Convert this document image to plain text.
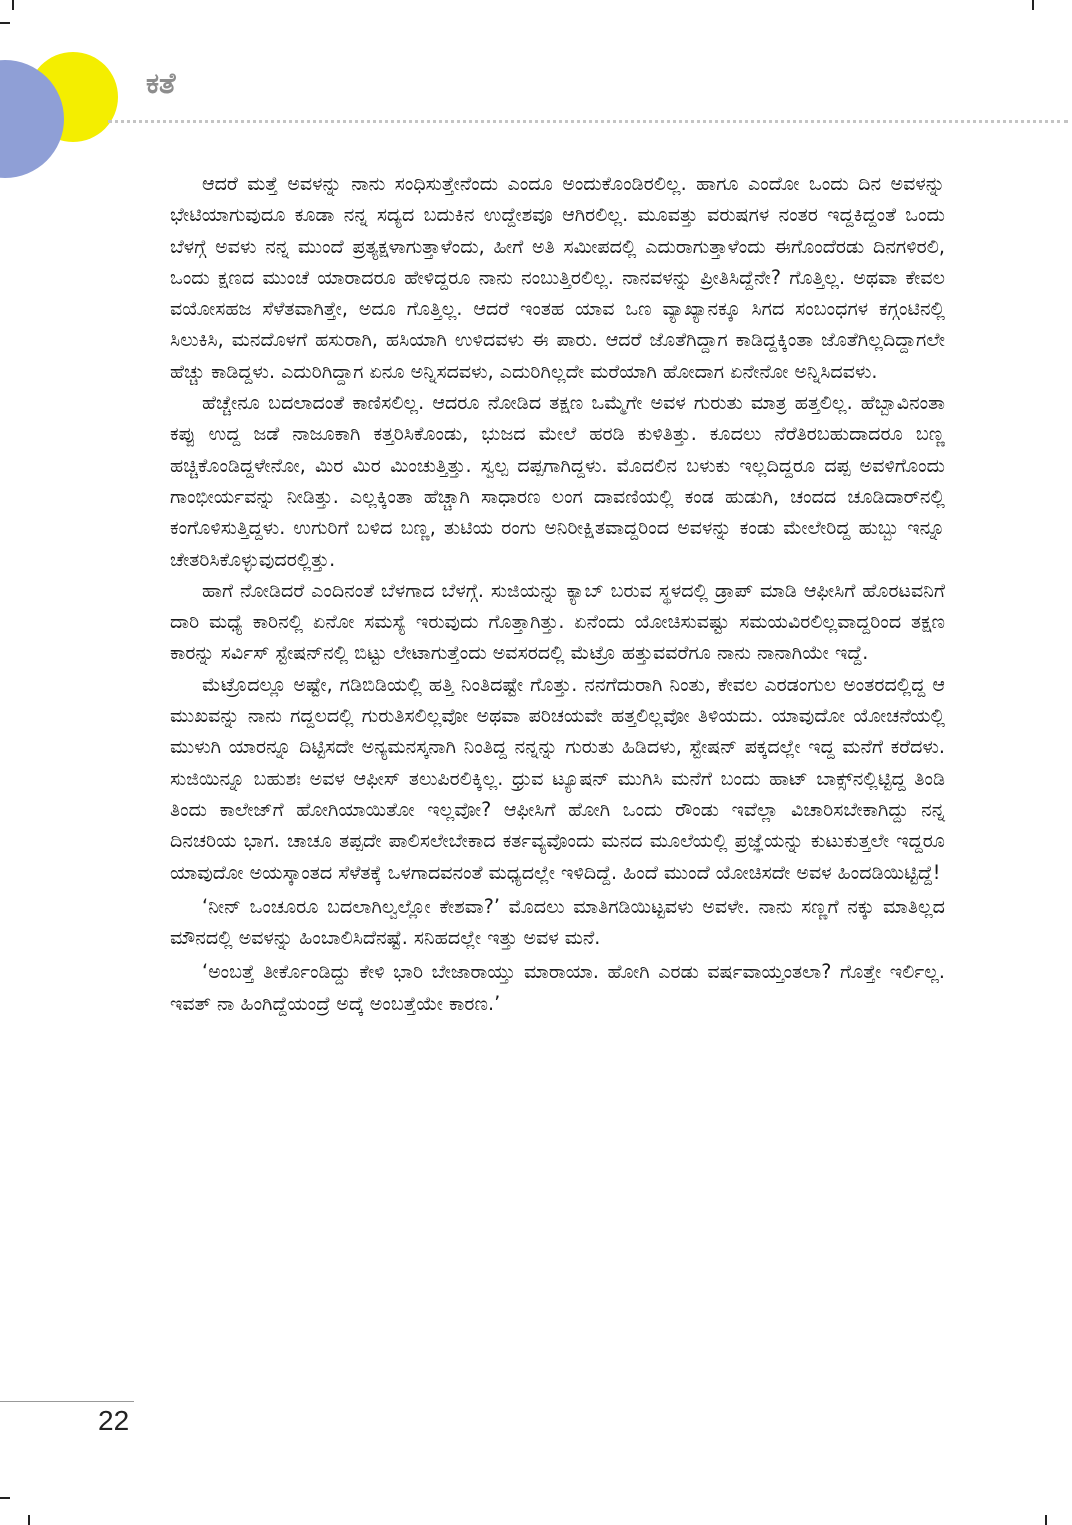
ಕತೆ

ಆದರೆ ಮತ್ತೆ ಅವಳನ್ನು ನಾನು ಸಂಧಿಸುತ್ತೇನೆಂದು ಎಂದೂ ಅಂದುಕೊಂಡಿರಲಿಲ್ಲ. ಹಾಗೂ ಎಂದೋ ಒಂದು ದಿನ ಅವಳನ್ನು ಭೇಟಿಯಾಗುವುದೂ ಕೂಡಾ ನನ್ನ ಸದ್ಯದ ಬದುಕಿನ ಉದ್ದೇಶವೂ ಆಗಿರಲಿಲ್ಲ. ಮೂವತ್ತು ವರುಷಗಳ ನಂತರ ಇದ್ದಕಿದ್ದಂತೆ ಒಂದು ಬೆಳಗ್ಗೆ ಅವಳು ನನ್ನ ಮುಂದೆ ಪ್ರತ್ಯಕ್ಷಳಾಗುತ್ತಾಳೆಂದು, ಹೀಗೆ ಅತಿ ಸಮೀಪದಲ್ಲಿ ಎದುರಾಗುತ್ತಾಳೆಂದು ಈಗೊಂದೆರಡು ದಿನಗಳಿರಲಿ, ಒಂದು ಕ್ಷಣದ ಮುಂಚೆ ಯಾರಾದರೂ ಹೇಳಿದ್ದರೂ ನಾನು ನಂಬುತ್ತಿರಲಿಲ್ಲ. ನಾನವಳನ್ನು ಪ್ರೀತಿಸಿದ್ದೆನೇ? ಗೊತ್ತಿಲ್ಲ. ಅಥವಾ ಕೇವಲ ವಯೋಸಹಜ ಸೆಳೆತವಾಗಿತ್ತೇ, ಅದೂ ಗೊತ್ತಿಲ್ಲ. ಆದರೆ ಇಂತಹ ಯಾವ ಒಣ ವ್ಯಾಖ್ಯಾನಕ್ಕೂ ಸಿಗದ ಸಂಬಂಧಗಳ ಕಗ್ಗಂಟಿನಲ್ಲಿ ಸಿಲುಕಿಸಿ, ಮನದೊಳಗೆ ಹಸುರಾಗಿ, ಹಸಿಯಾಗಿ ಉಳಿದವಳು ಈ ಪಾರು. ಆದರೆ ಜೊತೆಗಿದ್ದಾಗ ಕಾಡಿದ್ದಕ್ಕಿಂತಾ ಜೊತೆಗಿಲ್ಲದಿದ್ದಾಗಲೇ ಹೆಚ್ಚು ಕಾಡಿದ್ದಳು. ಎದುರಿಗಿದ್ದಾಗ ಏನೂ ಅನ್ನಿಸದವಳು, ಎದುರಿಗಿಲ್ಲದೇ ಮರೆಯಾಗಿ ಹೋದಾಗ ಏನೇನೋ ಅನ್ನಿಸಿದವಳು.

ಹೆಚ್ಚೇನೂ ಬದಲಾದಂತೆ ಕಾಣಿಸಲಿಲ್ಲ. ಆದರೂ ನೋಡಿದ ತಕ್ಷಣ ಒಮ್ಮೆಗೇ ಅವಳ ಗುರುತು ಮಾತ್ರ ಹತ್ತಲಿಲ್ಲ. ಹೆಬ್ಬಾವಿನಂತಾ ಕಪ್ಪು ಉದ್ದ ಜಡೆ ನಾಜೂಕಾಗಿ ಕತ್ತರಿಸಿಕೊಂಡು, ಭುಜದ ಮೇಲೆ ಹರಡಿ ಕುಳಿತಿತ್ತು. ಕೂದಲು ನೆರೆತಿರಬಹುದಾದರೂ ಬಣ್ಣ ಹಚ್ಚಿಕೊಂಡಿದ್ದಳೇನೋ, ಮಿರ ಮಿರ ಮಿಂಚುತ್ತಿತ್ತು. ಸ್ವಲ್ಪ ದಪ್ಪಗಾಗಿದ್ದಳು. ಮೊದಲಿನ ಬಳುಕು ಇಲ್ಲದಿದ್ದರೂ ದಪ್ಪ ಅವಳಿಗೊಂದು ಗಾಂಭೀರ್ಯವನ್ನು ನೀಡಿತ್ತು. ಎಲ್ಲಕ್ಕಿಂತಾ ಹೆಚ್ಚಾಗಿ ಸಾಧಾರಣ ಲಂಗ ದಾವಣಿಯಲ್ಲಿ ಕಂಡ ಹುಡುಗಿ, ಚಂದದ ಚೂಡಿದಾರ್‌ನಲ್ಲಿ ಕಂಗೊಳಿಸುತ್ತಿದ್ದಳು. ಉಗುರಿಗೆ ಬಳಿದ ಬಣ್ಣ, ತುಟಿಯ ರಂಗು ಅನಿರೀಕ್ಷಿತವಾದ್ದರಿಂದ ಅವಳನ್ನು ಕಂಡು ಮೇಲೇರಿದ್ದ ಹುಬ್ಬು ಇನ್ನೂ ಚೇತರಿಸಿಕೊಳ್ಳುವುದರಲ್ಲಿತ್ತು.

ಹಾಗೆ ನೋಡಿದರೆ ಎಂದಿನಂತೆ ಬೆಳಗಾದ ಬೆಳಗ್ಗೆ. ಸುಜಿಯನ್ನು ಕ್ಯಾಬ್ ಬರುವ ಸ್ಥಳದಲ್ಲಿ ಡ್ರಾಪ್ ಮಾಡಿ ಆಫೀಸಿಗೆ ಹೊರಟವನಿಗೆ ದಾರಿ ಮಧ್ಯೆ ಕಾರಿನಲ್ಲಿ ಏನೋ ಸಮಸ್ಯೆ ಇರುವುದು ಗೊತ್ತಾಗಿತ್ತು. ಏನೆಂದು ಯೋಚಿಸುವಷ್ಟು ಸಮಯವಿರಲಿಲ್ಲವಾದ್ದರಿಂದ ತಕ್ಷಣ ಕಾರನ್ನು ಸರ್ವಿಸ್ ಸ್ಟೇಷನ್‌ನಲ್ಲಿ ಬಿಟ್ಟು ಲೇಟಾಗುತ್ತೆಂದು ಅವಸರದಲ್ಲಿ ಮೆಟ್ರೊ ಹತ್ತುವವರೆಗೂ ನಾನು ನಾನಾಗಿಯೇ ಇದ್ದೆ.

ಮೆಟ್ರೊದಲ್ಲೂ ಅಷ್ಟೇ, ಗಡಿಬಿಡಿಯಲ್ಲಿ ಹತ್ತಿ ನಿಂತಿದಷ್ಟೇ ಗೊತ್ತು. ನನಗೆದುರಾಗಿ ನಿಂತು, ಕೇವಲ ಎರಡಂಗುಲ ಅಂತರದಲ್ಲಿದ್ದ ಆ ಮುಖವನ್ನು ನಾನು ಗದ್ದಲದಲ್ಲಿ ಗುರುತಿಸಲಿಲ್ಲವೋ ಅಥವಾ ಪರಿಚಯವೇ ಹತ್ತಲಿಲ್ಲವೋ ತಿಳಿಯದು. ಯಾವುದೋ ಯೋಚನೆಯಲ್ಲಿ ಮುಳುಗಿ ಯಾರನ್ನೂ ದಿಟ್ಟಿಸದೇ ಅನ್ಯಮನಸ್ಕನಾಗಿ ನಿಂತಿದ್ದ ನನ್ನನ್ನು ಗುರುತು ಹಿಡಿದಳು, ಸ್ಟೇಷನ್ ಪಕ್ಕದಲ್ಲೇ ಇದ್ದ ಮನೆಗೆ ಕರೆದಳು. ಸುಜಿಯಿನ್ನೂ ಬಹುಶಃ ಅವಳ ಆಫೀಸ್ ತಲುಪಿರಲಿಕ್ಕಿಲ್ಲ. ಧ್ರುವ ಟ್ಯೂಷನ್ ಮುಗಿಸಿ ಮನೆಗೆ ಬಂದು ಹಾಟ್ ಬಾಕ್ಸ್‌ನಲ್ಲಿಟ್ಟಿದ್ದ ತಿಂಡಿ ತಿಂದು ಕಾಲೇಜ್‌ಗೆ ಹೋಗಿಯಾಯಿತೋ ಇಲ್ಲವೋ? ಆಫೀಸಿಗೆ ಹೋಗಿ ಒಂದು ರೌಂಡು ಇವೆಲ್ಲಾ ವಿಚಾರಿಸಬೇಕಾಗಿದ್ದು ನನ್ನ ದಿನಚರಿಯ ಭಾಗ. ಚಾಚೂ ತಪ್ಪದೇ ಪಾಲಿಸಲೇಬೇಕಾದ ಕರ್ತವ್ಯವೊಂದು ಮನದ ಮೂಲೆಯಲ್ಲಿ ಪ್ರಜ್ಞೆಯನ್ನು ಕುಟುಕುತ್ತಲೇ ಇದ್ದರೂ ಯಾವುದೋ ಅಯಸ್ಕಾಂತದ ಸೆಳೆತಕ್ಕೆ ಒಳಗಾದವನಂತೆ ಮಧ್ಯದಲ್ಲೇ ಇಳಿದಿದ್ದೆ. ಹಿಂದೆ ಮುಂದೆ ಯೋಚಿಸದೇ ಅವಳ ಹಿಂದಡಿಯಿಟ್ಟಿದ್ದೆ!

‘ನೀನ್ ಒಂಚೂರೂ ಬದಲಾಗಿಲ್ವಲ್ಲೋ ಕೇಶವಾ?’ ಮೊದಲು ಮಾತಿಗಡಿಯಿಟ್ಟವಳು ಅವಳೇ. ನಾನು ಸಣ್ಣಗೆ ನಕ್ಕು ಮಾತಿಲ್ಲದ ಮೌನದಲ್ಲಿ ಅವಳನ್ನು ಹಿಂಬಾಲಿಸಿದೆನಷ್ಟೆ. ಸನಿಹದಲ್ಲೇ ಇತ್ತು ಅವಳ ಮನೆ.

‘ಅಂಬತ್ತೆ ತೀರ್ಕೊಂಡಿದ್ದು ಕೇಳಿ ಭಾರಿ ಬೇಜಾರಾಯ್ತು ಮಾರಾಯಾ. ಹೋಗಿ ಎರಡು ವರ್ಷವಾಯ್ತಂತಲಾ? ಗೊತ್ತೇ ಇರ್ಲಿಲ್ಲ. ಇವತ್ ನಾ ಹಿಂಗಿದ್ದೆಯಂದ್ರೆ ಅದ್ಕೆ ಅಂಬತ್ತೆಯೇ ಕಾರಣ.’

22
